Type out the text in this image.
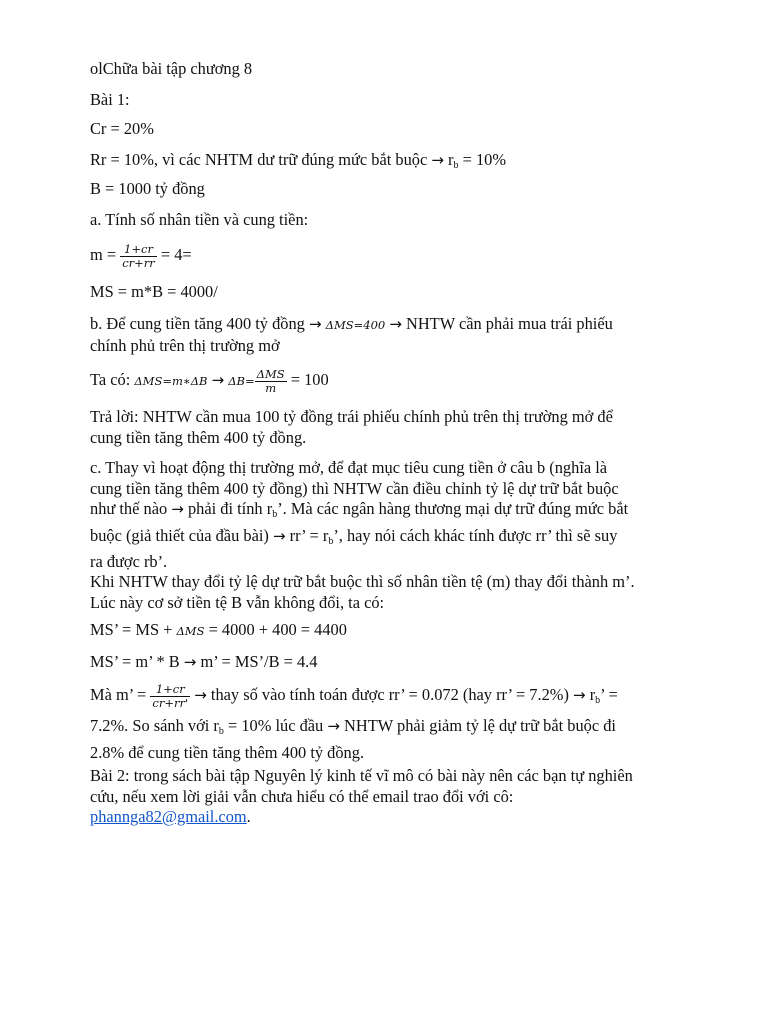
olChữa bài tập chương 8
Bài 1:
Cr = 20%
Rr = 10%, vì các NHTM dư trữ đúng mức bắt buộc → $r_b = 10\%$
B = 1000 tỷ đồng
a. Tính số nhân tiền và cung tiền:
$m = \frac{1+cr}{cr+rr} = 4=$
MS = m*B = 4000/
b. Để cung tiền tăng 400 tỷ đồng → ΔMS=400 → NHTW cần phải mua trái phiếu
chính phủ trên thị trường mở
Ta có: ΔMS=m∗ΔB → $\Delta B= \frac{\text{ΔMS}}{m} = 100$
Trả lời: NHTW cần mua 100 tỷ đồng trái phiếu chính phủ trên thị trường mở để
cung tiền tăng thêm 400 tỷ đồng.
c. Thay vì hoạt động thị trường mở, để đạt mục tiêu cung tiền ở câu b (nghĩa là
cung tiền tăng thêm 400 tỷ đồng) thì NHTW cần điều chỉnh tỷ lệ dự trữ bắt buộc
như thế nào → phải đi tính $r_b$’. Mà các ngân hàng thương mại dự trữ đúng mức bắt
buộc (giả thiết của đầu bài) → rr’ = $r_b$’, hay nói cách khác tính được rr’ thì sẽ suy
ra được rb’.
Khi NHTW thay đổi tỷ lệ dự trữ bắt buộc thì số nhân tiền tệ (m) thay đổi thành m’.
Lúc này cơ sở tiền tệ B vẫn không đổi, ta có:
MS’ = MS + ΔMS = 4000 + 400 = 4400
MS’ = m’ * B → m’ = MS’/B = 4.4
Mà m’ = $\frac{1+cr}{cr+rr'}$ → thay số vào tính toán được rr’ = 0.072 (hay rr’ = $7.2\%) \to r_b$’ =
7.2%. So sánh với $r_b = 10\%$ lúc đầu → NHTW phải giảm tỷ lệ dự trữ bắt buộc đi
2.8% để cung tiền tăng thêm 400 tỷ đồng.
Bài 2: trong sách bài tập Nguyên lý kinh tế vĩ mô có bài này nên các bạn tự nghiên
cứu, nếu xem lời giải vẫn chưa hiểu có thể email trao đổi với cô:
phannga82@gmail.com.
